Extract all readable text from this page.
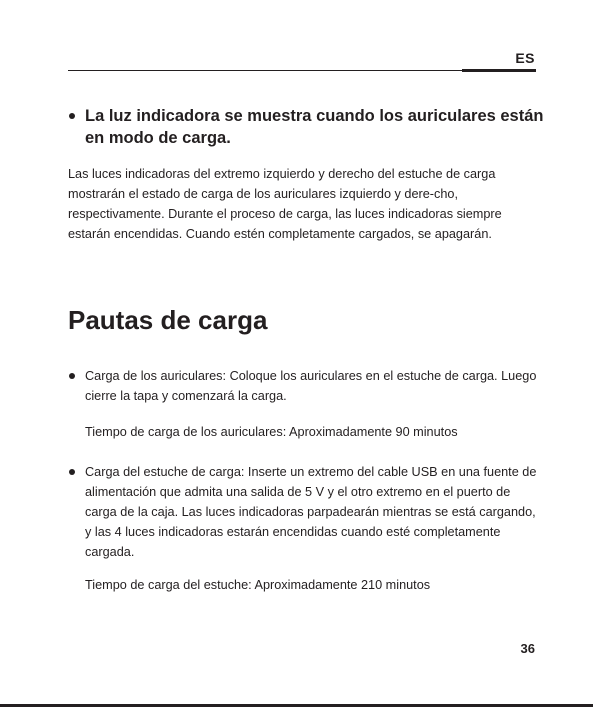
ES

La luz indicadora se muestra cuando los auriculares están en modo de carga.

Las luces indicadoras del extremo izquierdo y derecho del estuche de carga mostrarán el estado de carga de los auriculares izquierdo y dere-cho, respectivamente. Durante el proceso de carga, las luces indicadoras siempre estarán encendidas. Cuando estén completamente cargados, se apagarán.

Pautas de carga

Carga de los auriculares: Coloque los auriculares en el estuche de carga. Luego cierre la tapa y comenzará la carga.

Tiempo de carga de los auriculares: Aproximadamente 90 minutos

Carga del estuche de carga: Inserte un extremo del cable USB en una fuente de alimentación que admita una salida de 5 V y el otro extremo en el puerto de carga de la caja. Las luces indicadoras parpadearán mientras se está cargando, y las 4 luces indicadoras estarán encendidas cuando esté completamente cargada.

Tiempo de carga del estuche: Aproximadamente 210 minutos

36
